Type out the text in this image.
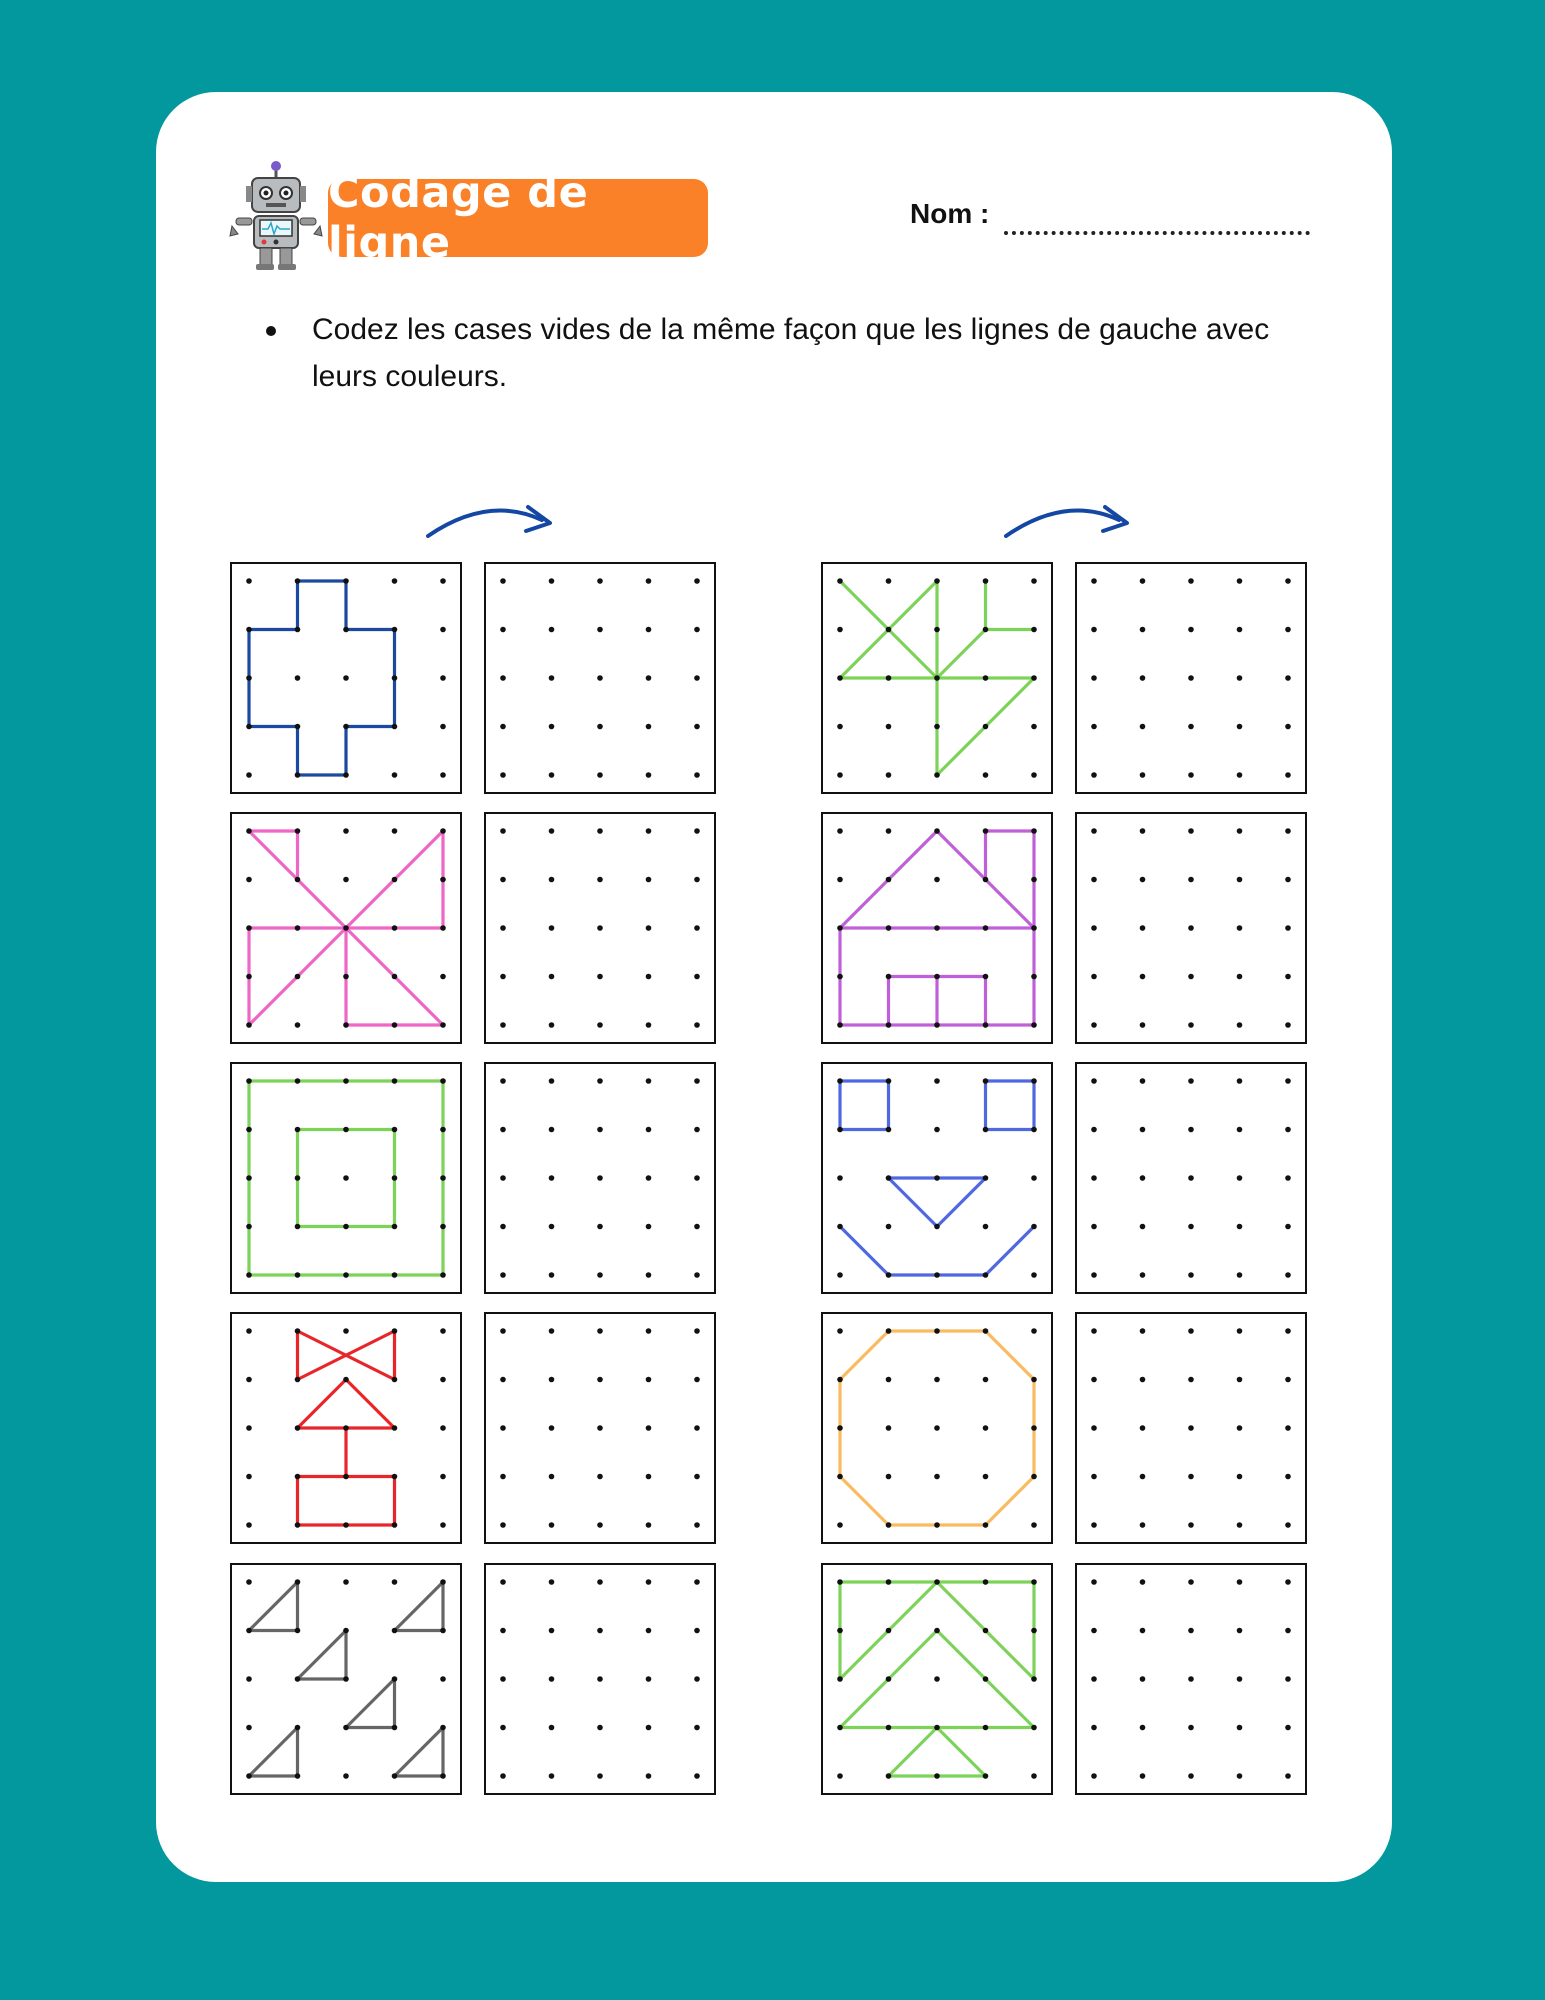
Codage de ligne
Nom :
Codez les cases vides de la même façon que les lignes de gauche avec leurs couleurs.
